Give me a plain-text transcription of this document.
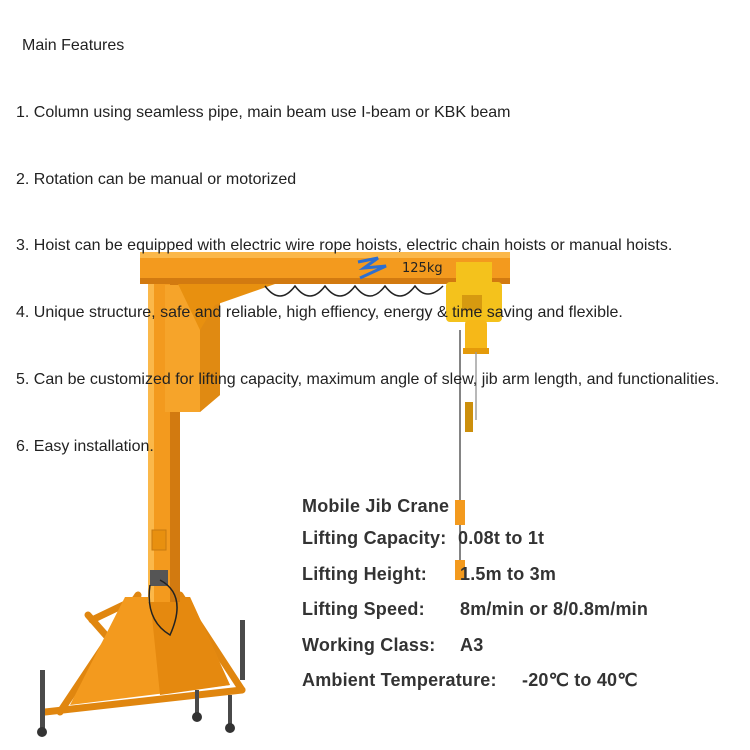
125kg
Main Features
1. Column using seamless pipe, main beam use I-beam or KBK beam
2. Rotation can be manual or motorized
3. Hoist can be equipped with electric wire rope hoists, electric chain hoists or manual hoists.
4. Unique structure, safe and reliable, high effiency, energy & time saving and flexible.
5. Can be customized for lifting capacity, maximum angle of slew, jib arm length, and functionalities.
6. Easy installation.
Mobile Jib Crane
Lifting Capacity: 0.08t to 1t
Lifting Height: 1.5m to 3m
Lifting Speed: 8m/min or 8/0.8m/min
Working Class: A3
Ambient Temperature: -20℃ to 40℃
